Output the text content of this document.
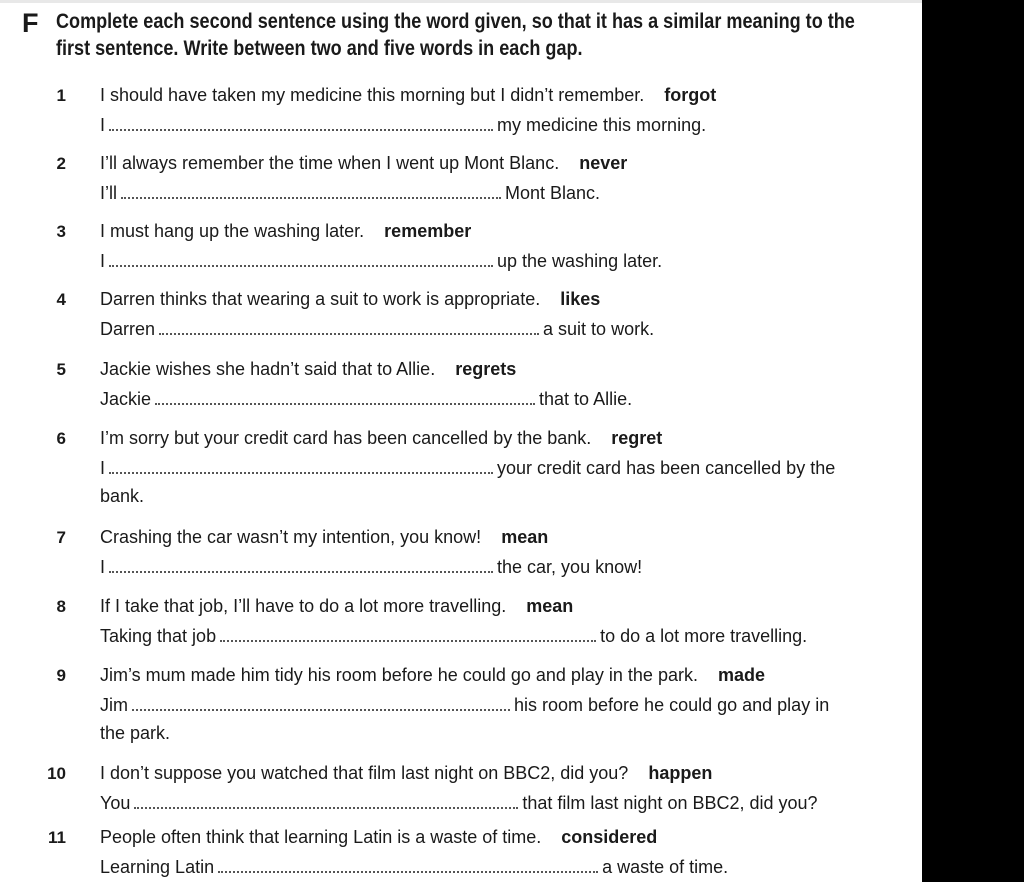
F Complete each second sentence using the word given, so that it has a similar meaning to the
first sentence. Write between two and five words in each gap.
1 I should have taken my medicine this morning but I didn’t remember. forgot
I	my medicine this morning.
2 I’ll always remember the time when I went up Mont Blanc. never
I’ll	Mont Blanc.
3 I must hang up the washing later. remember
I	up the washing later.
4 Darren thinks that wearing a suit to work is appropriate. likes
Darren	a suit to work.
5 Jackie wishes she hadn’t said that to Allie. regrets
Jackie	that to Allie.
6 I’m sorry but your credit card has been cancelled by the bank. regret
I	your credit card has been cancelled by the
bank.
7 Crashing the car wasn’t my intention, you know! mean
I	the car, you know!
8 If I take that job, I’ll have to do a lot more travelling. mean
Taking that job	to do a lot more travelling.
9 Jim’s mum made him tidy his room before he could go and play in the park. made
Jim	his room before he could go and play in
the park.
10 I don’t suppose you watched that film last night on BBC2, did you? happen
You	that film last night on BBC2, did you?
11 People often think that learning Latin is a waste of time. considered
Learning Latin	a waste of time.
